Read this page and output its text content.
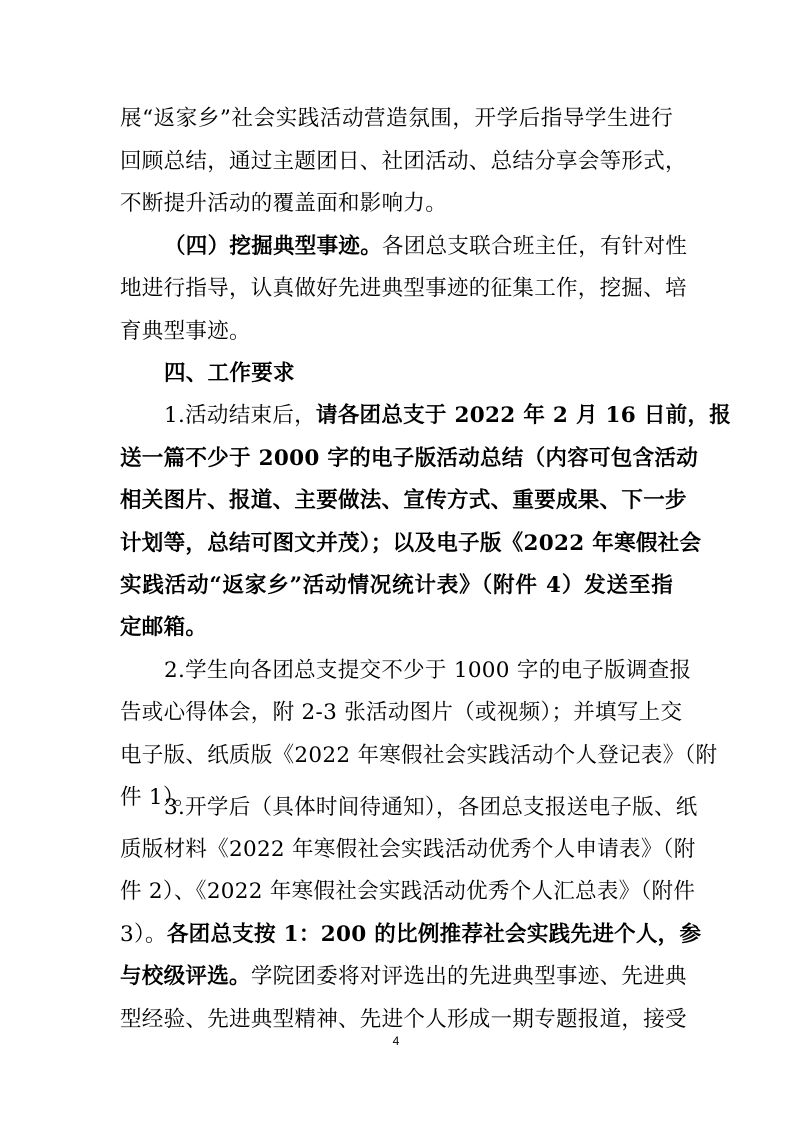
展“返家乡”社会实践活动营造氛围，开学后指导学生进行
回顾总结，通过主题团日、社团活动、总结分享会等形式，
不断提升活动的覆盖面和影响力。
（四）挖掘典型事迹。各团总支联合班主任，有针对性
地进行指导，认真做好先进典型事迹的征集工作，挖掘、培
育典型事迹。
四、工作要求
1.活动结束后，请各团总支于 2022 年 2 月 16 日前，报
送一篇不少于 2000 字的电子版活动总结（内容可包含活动
相关图片、报道、主要做法、宣传方式、重要成果、下一步
计划等，总结可图文并茂）；以及电子版《2022 年寒假社会
实践活动“返家乡”活动情况统计表》（附件 4）发送至指
定邮箱。
2.学生向各团总支提交不少于 1000 字的电子版调查报
告或心得体会，附 2-3 张活动图片（或视频）；并填写上交
电子版、纸质版《2022 年寒假社会实践活动个人登记表》（附
件 1）。
3.开学后（具体时间待通知），各团总支报送电子版、纸
质版材料《2022 年寒假社会实践活动优秀个人申请表》（附
件 2）、《2022 年寒假社会实践活动优秀个人汇总表》（附件
3）。各团总支按 1：200 的比例推荐社会实践先进个人，参
与校级评选。学院团委将对评选出的先进典型事迹、先进典
4
型经验、先进典型精神、先进个人形成一期专题报道，接受
